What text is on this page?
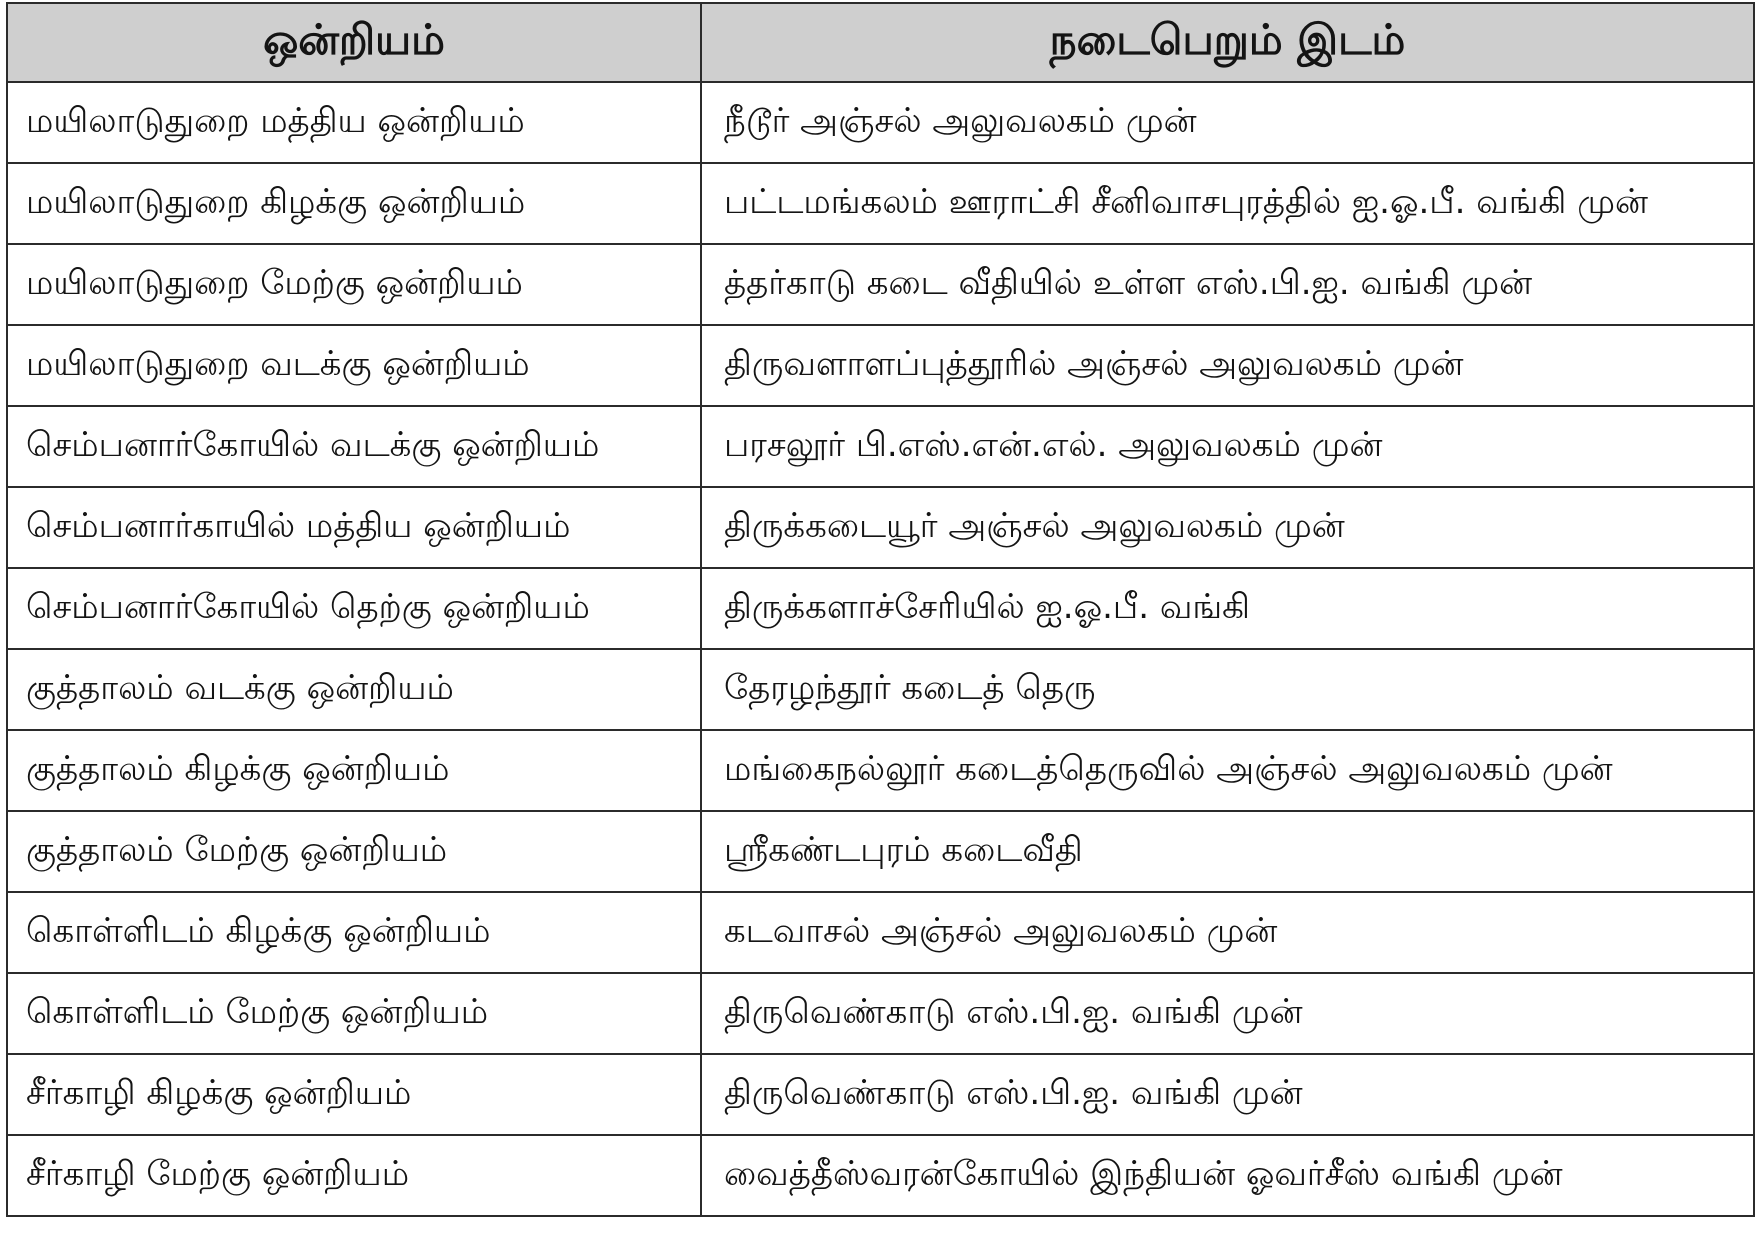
ஒன்றியம்	நடைபெறும் இடம்
மயிலாடுதுறை மத்திய ஒன்றியம்	நீடூர் அஞ்சல் அலுவலகம் முன்
மயிலாடுதுறை கிழக்கு ஒன்றியம்	பட்டமங்கலம் ஊராட்சி சீனிவாசபுரத்தில் ஐ.ஓ.பீ. வங்கி முன்
மயிலாடுதுறை மேற்கு ஒன்றியம்	த்தர்காடு கடை வீதியில் உள்ள எஸ்.பி.ஐ. வங்கி முன்
மயிலாடுதுறை வடக்கு ஒன்றியம்	திருவளாளப்புத்தூரில் அஞ்சல் அலுவலகம் முன்
செம்பனார்கோயில் வடக்கு ஒன்றியம்	பரசலூர் பி.எஸ்.என்.எல். அலுவலகம் முன்
செம்பனார்காயில் மத்திய ஒன்றியம்	திருக்கடையூர் அஞ்சல் அலுவலகம் முன்
செம்பனார்கோயில் தெற்கு ஒன்றியம்	திருக்களாச்சேரியில் ஐ.ஓ.பீ. வங்கி
குத்தாலம் வடக்கு ஒன்றியம்	தேரழந்தூர் கடைத் தெரு
குத்தாலம் கிழக்கு ஒன்றியம்	மங்கைநல்லூர் கடைத்தெருவில் அஞ்சல் அலுவலகம் முன்
குத்தாலம் மேற்கு ஒன்றியம்	ஸ்ரீகண்டபுரம் கடைவீதி
கொள்ளிடம் கிழக்கு ஒன்றியம்	கடவாசல் அஞ்சல் அலுவலகம் முன்
கொள்ளிடம் மேற்கு ஒன்றியம்	திருவெண்காடு எஸ்.பி.ஐ. வங்கி முன்
சீர்காழி கிழக்கு ஒன்றியம்	திருவெண்காடு எஸ்.பி.ஐ. வங்கி முன்
சீர்காழி மேற்கு ஒன்றியம்	வைத்தீஸ்வரன்கோயில் இந்தியன் ஓவர்சீஸ் வங்கி முன்
